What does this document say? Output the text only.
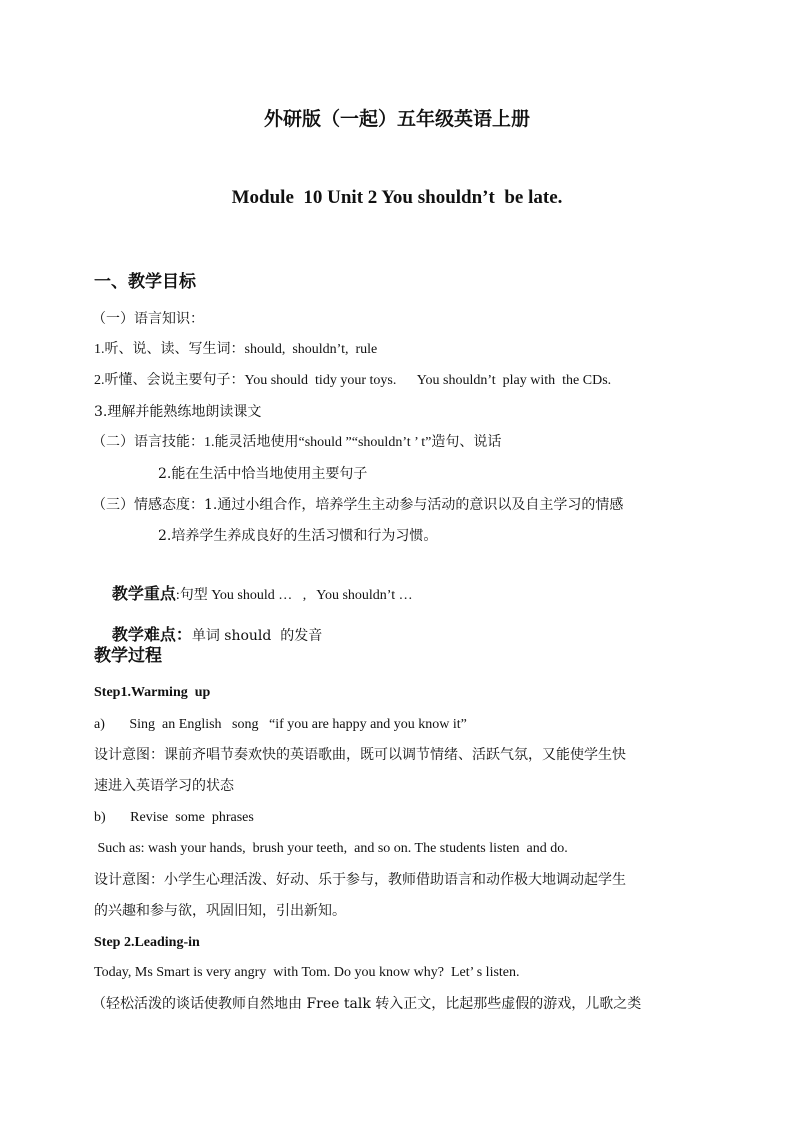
外研版（一起）五年级英语上册
Module  10 Unit 2 You shouldn’t  be late.
一、教学目标
（一）语言知识：
1.听、说、读、写生词：should,  shouldn’t,  rule
2.听懂、会说主要句子：You should  tidy your toys.      You shouldn’t  play with  the CDs.
3.理解并能熟练地朗读课文
（二）语言技能：1.能灵活地使用“should ”“shouldn’t ’ t”造句、说话
2.能在生活中恰当地使用主要句子
（三）情感态度：1.通过小组合作，培养学生主动参与活动的意识以及自主学习的情感
2.培养学生养成良好的生活习惯和行为习惯。

教学重点:句型 You should …   ,   You shouldn’t …

教学难点：单词 should  的发音

教学过程
Step1.Warming  up
a)       Sing  an English   song   “if you are happy and you know it”
设计意图：课前齐唱节奏欢快的英语歌曲，既可以调节情绪、活跃气氛，又能使学生快
速进入英语学习的状态
b)       Revise  some  phrases
Such as: wash your hands,  brush your teeth,  and so on. The students listen  and do.
设计意图：小学生心理活泼、好动、乐于参与，教师借助语言和动作极大地调动起学生
的兴趣和参与欲，巩固旧知，引出新知。
Step 2.Leading-in
Today, Ms Smart is very angry  with Tom. Do you know why?  Let’ s listen.
（轻松活泼的谈话使教师自然地由 Free talk 转入正文，比起那些虚假的游戏，儿歌之类
